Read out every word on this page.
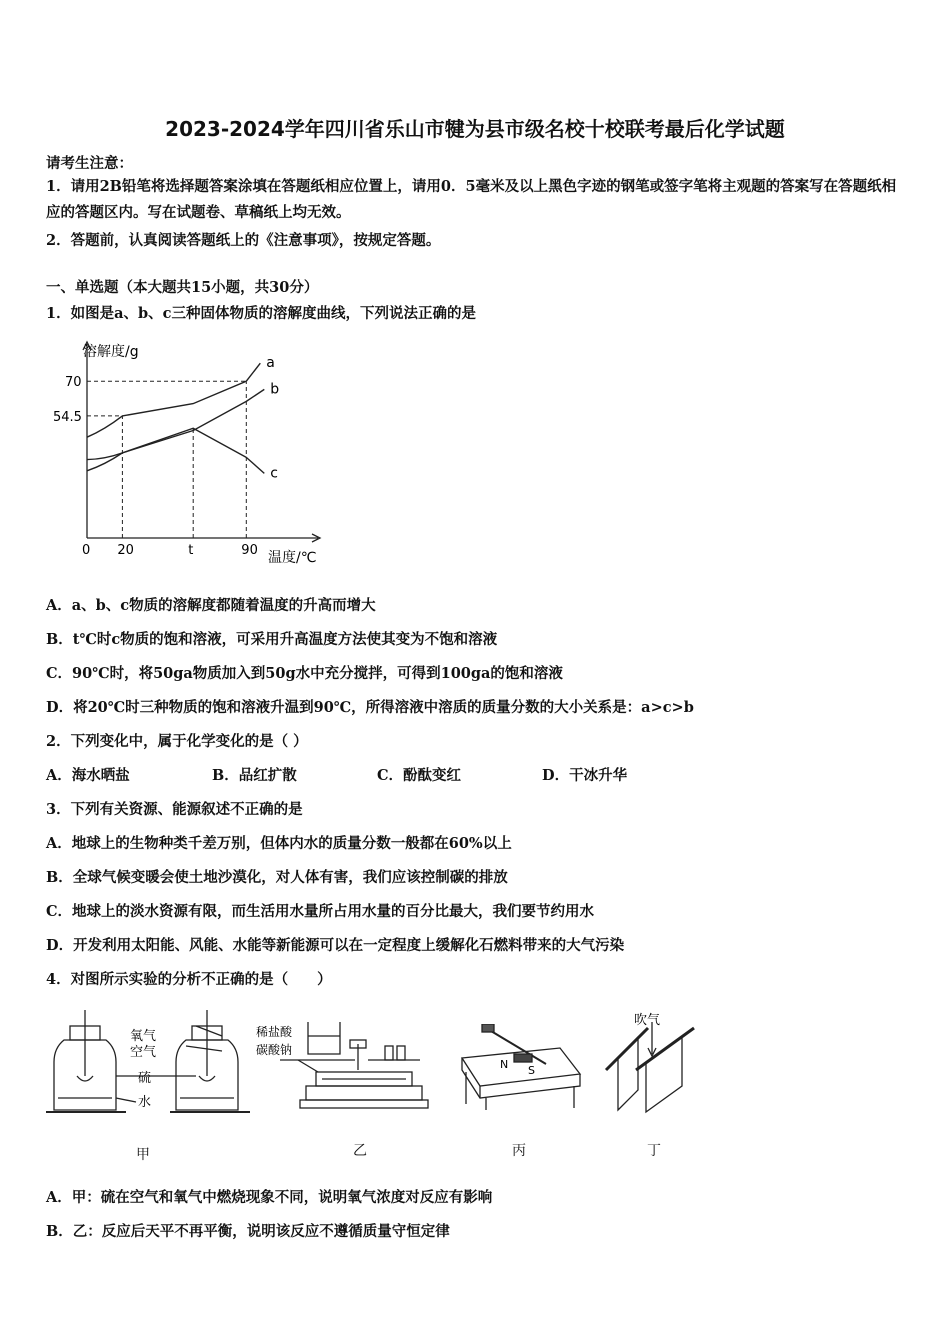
2023-2024学年四川省乐山市犍为县市级名校十校联考最后化学试题
请考生注意：
1．请用2B铅笔将选择题答案涂填在答题纸相应位置上，请用0．5毫米及以上黑色字迹的钢笔或签字笔将主观题的答案写在答题纸相应的答题区内。写在试题卷、草稿纸上均无效。
2．答题前，认真阅读答题纸上的《注意事项》，按规定答题。
一、单选题（本大题共15小题，共30分）
1．如图是a、b、c三种固体物质的溶解度曲线，下列说法正确的是
溶解度/g
温度/℃
0 20	t	90
70
54.5
a
b
c
A．a、b、c物质的溶解度都随着温度的升高而增大
B．t℃时c物质的饱和溶液，可采用升高温度方法使其变为不饱和溶液
C．90℃时，将50ga物质加入到50g水中充分搅拌，可得到100ga的饱和溶液
D．将20℃时三种物质的饱和溶液升温到90℃，所得溶液中溶质的质量分数的大小关系是：a>c>b
2．下列变化中，属于化学变化的是（ ）
A．海水晒盐	B．品红扩散	C．酚酞变红	D．干冰升华
3．下列有关资源、能源叙述不正确的是
A．地球上的生物种类千差万别，但体内水的质量分数一般都在60%以上
B．全球气候变暖会使土地沙漠化，对人体有害，我们应该控制碳的排放
C．地球上的淡水资源有限，而生活用水量所占用水量的百分比最大，我们要节约用水
D．开发利用太阳能、风能、水能等新能源可以在一定程度上缓解化石燃料带来的大气污染
4．对图所示实验的分析不正确的是（　　）
氧气
空气
硫
水
甲
稀盐酸
碳酸钠
乙
N S
丙
吹气
丁
A．甲：硫在空气和氧气中燃烧现象不同，说明氧气浓度对反应有影响
B．乙：反应后天平不再平衡，说明该反应不遵循质量守恒定律
